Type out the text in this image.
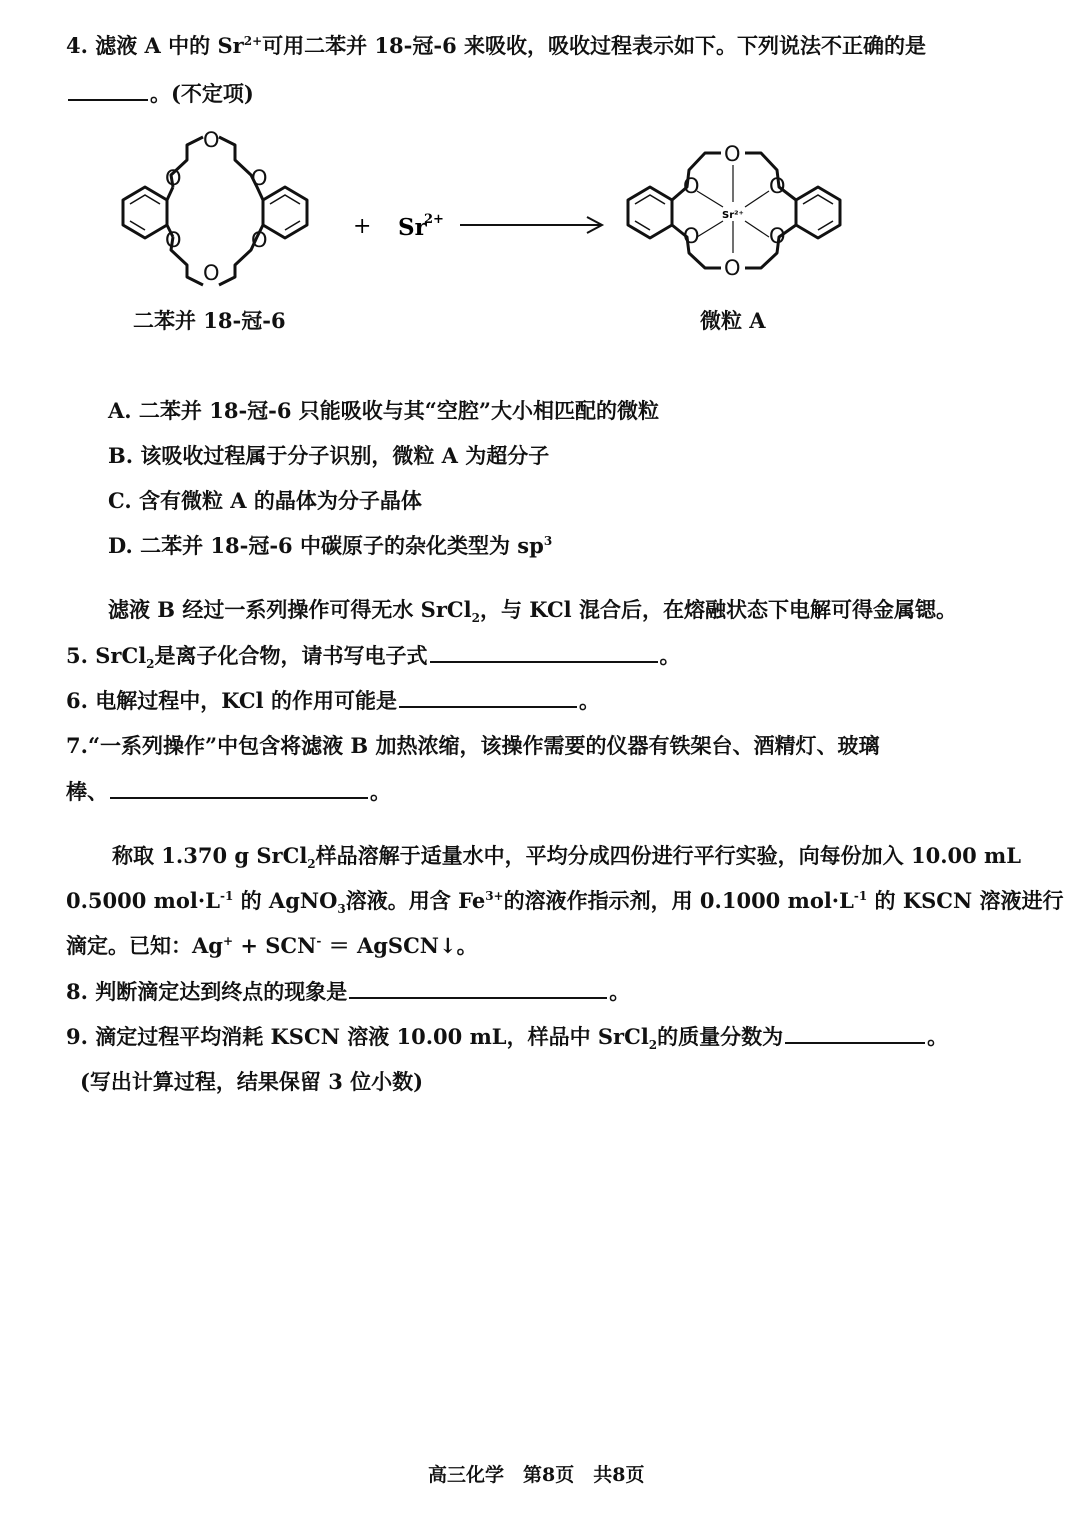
4. 滤液 A 中的 $Sr^{2+}$可用二苯并 18-冠-6 来吸收，吸收过程表示如下。下列说法不正确的是
。(不定项)
O
O
O
O
O
O
+ Sr
2+
O
O
O
O
O
O
Sr²⁺
二苯并 18-冠-6	微粒 A
A. 二苯并 18-冠-6 只能吸收与其“空腔”大小相匹配的微粒
B. 该吸收过程属于分子识别，微粒 A 为超分子
C. 含有微粒 A 的晶体为分子晶体
D. 二苯并 18-冠-6 中碳原子的杂化类型为 $sp^3$
滤液 B 经过一系列操作可得无水 SrCl$_2$，与 KCl 混合后，在熔融状态下电解可得金属锶。
5. SrCl$_2$是离子化合物，请书写电子式	。
6. 电解过程中，KCl 的作用可能是	。
7.“一系列操作”中包含将滤液 B 加热浓缩，该操作需要的仪器有铁架台、酒精灯、玻璃
棒、	。
称取 1.370 g SrCl$_2$样品溶解于适量水中，平均分成四份进行平行实验，向每份加入 10.00 mL
0.5000 $mol\cdot L^{-1}$ 的 AgNO$_3$溶液。用含 $Fe^{3+}$的溶液作指示剂，用 0.1000 $mol\cdot L^{-1}$ 的 KSCN 溶液进行
滴定。已知：Ag+ + SCN- ＝ AgSCN↓。
8. 判断滴定达到终点的现象是	。
9. 滴定过程平均消耗 KSCN 溶液 10.00 mL，样品中 SrCl$_2$的质量分数为	。
(写出计算过程，结果保留 3 位小数)
高三化学　第8页　共8页
